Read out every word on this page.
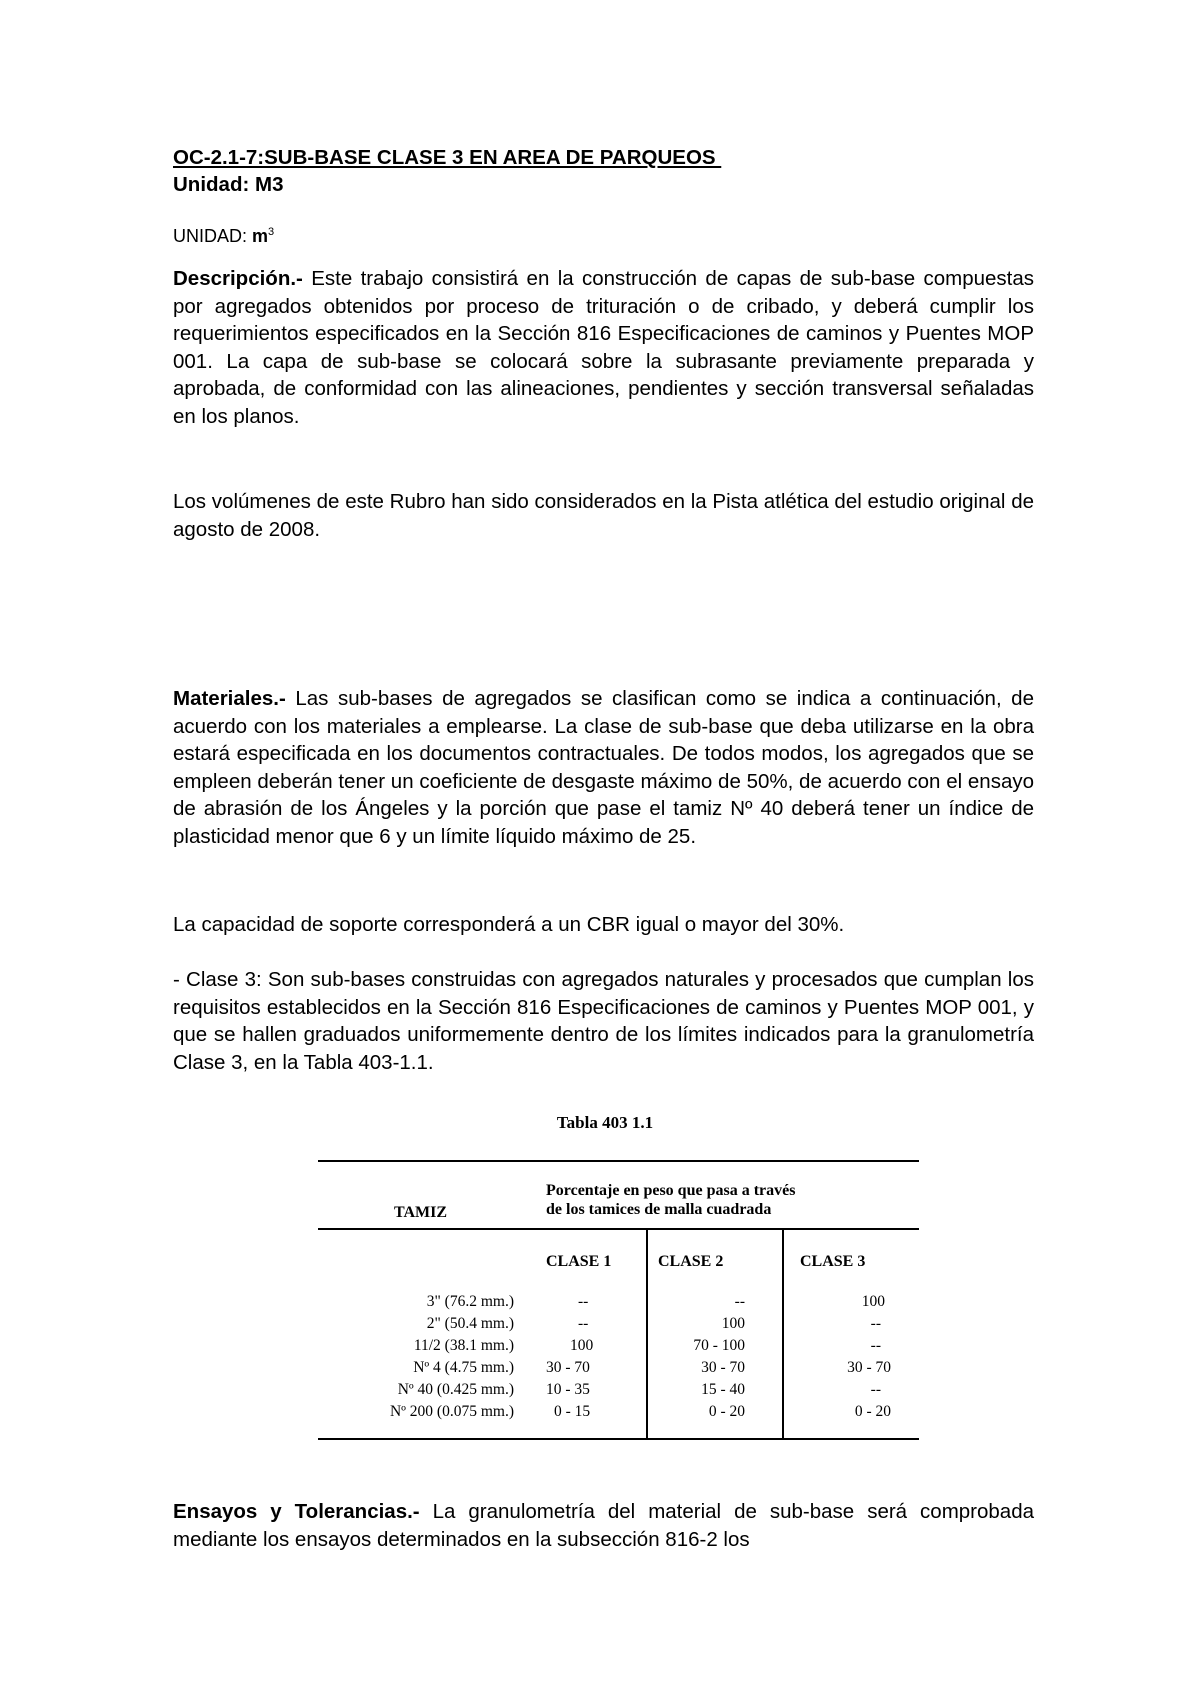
OC-2.1-7:SUB-BASE CLASE 3 EN AREA DE PARQUEOS
Unidad: M3
UNIDAD: $m^3$
Descripción.- Este trabajo consistirá en la construcción de capas de sub-base compuestas por agregados obtenidos por proceso de trituración o de cribado, y deberá cumplir los requerimientos especificados en la Sección 816 Especificaciones de caminos y Puentes MOP 001. La capa de sub-base se colocará sobre la subrasante previamente preparada y aprobada, de conformidad con las alineaciones, pendientes y sección transversal señaladas en los planos.
Los volúmenes de este Rubro han sido considerados en la Pista atlética del estudio original de agosto de 2008.
Materiales.- Las sub-bases de agregados se clasifican como se indica a continuación, de acuerdo con los materiales a emplearse. La clase de sub-base que deba utilizarse en la obra estará especificada en los documentos contractuales. De todos modos, los agregados que se empleen deberán tener un coeficiente de desgaste máximo de 50%, de acuerdo con el ensayo de abrasión de los Ángeles y la porción que pase el tamiz Nº 40 deberá tener un índice de plasticidad menor que 6 y un límite líquido máximo de 25.
La capacidad de soporte corresponderá a un CBR igual o mayor del 30%.
- Clase 3: Son sub-bases construidas con agregados naturales y procesados que cumplan los requisitos establecidos en la Sección 816 Especificaciones de caminos y Puentes MOP 001, y que se hallen graduados uniformemente dentro de los límites indicados para la granulometría Clase 3, en la Tabla 403-1.1.
Tabla 403 1.1
TAMIZ
Porcentaje en peso que pasa a través
de los tamices de malla cuadrada
CLASE 1	CLASE 2	CLASE 3
3" (76.2 mm.)	--	--	100
2" (50.4 mm.)	--	100	--
11/2 (38.1 mm.)	100	70 - 100	--
Nº 4 (4.75 mm.) 30 - 70	30 - 70	30 - 70
Nº 40 (0.425 mm.) 10 - 35	15 - 40	--
Nº 200 (0.075 mm.)	0 - 15	0 - 20	0 - 20
Ensayos y Tolerancias.- La granulometría del material de sub-base será comprobada mediante los ensayos determinados en la subsección 816-2 los
